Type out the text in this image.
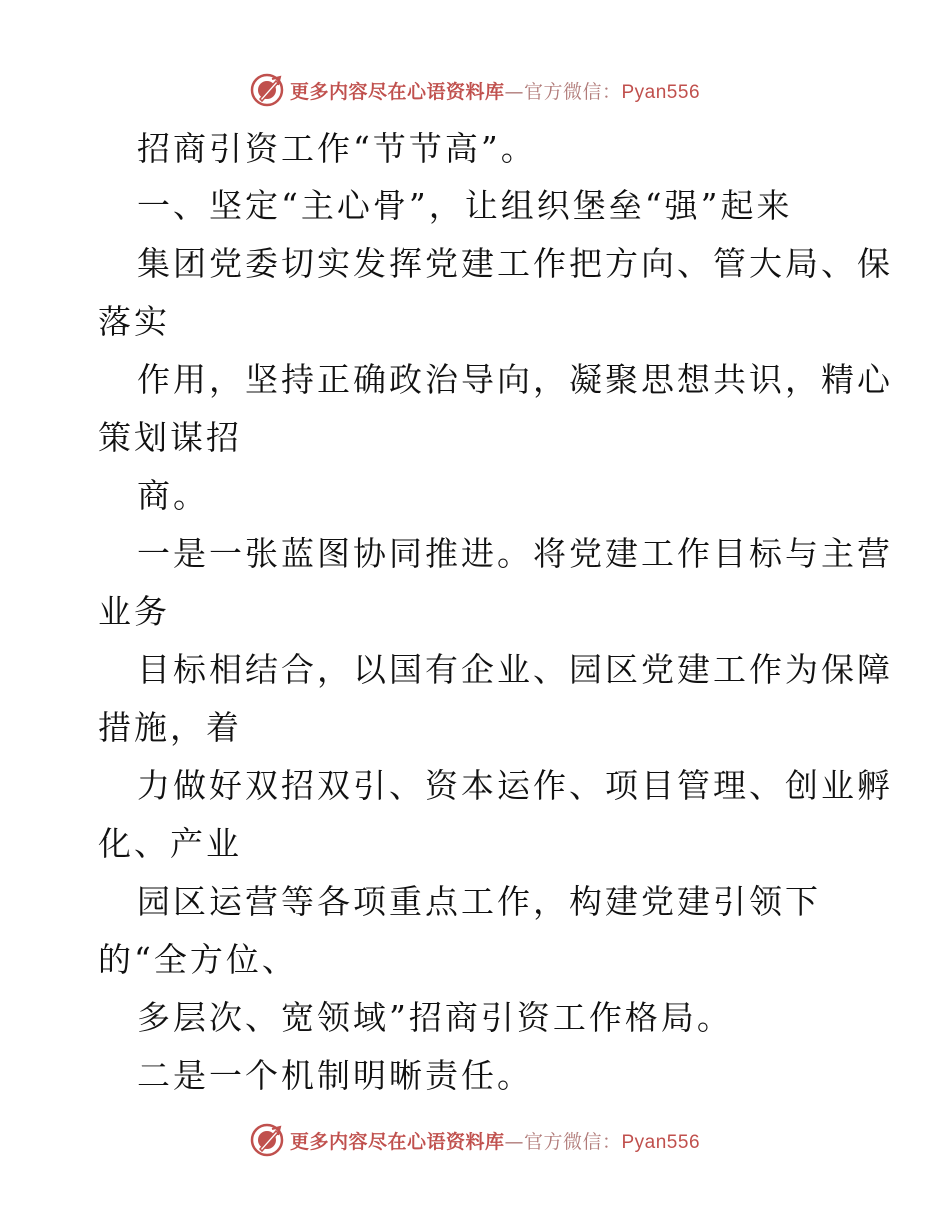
更多内容尽在心语资料库—官方微信：Pyan556
招商引资工作“节节高”。
一、坚定“主心骨”，让组织堡垒“强”起来
集团党委切实发挥党建工作把方向、管大局、保
落实
作用，坚持正确政治导向，凝聚思想共识，精心
策划谋招
商。
一是一张蓝图协同推进。将党建工作目标与主营
业务
目标相结合，以国有企业、园区党建工作为保障
措施，着
力做好双招双引、资本运作、项目管理、创业孵
化、产业
园区运营等各项重点工作，构建党建引领下
的“全方位、
多层次、宽领域”招商引资工作格局。
二是一个机制明晰责任。
更多内容尽在心语资料库—官方微信：Pyan556
